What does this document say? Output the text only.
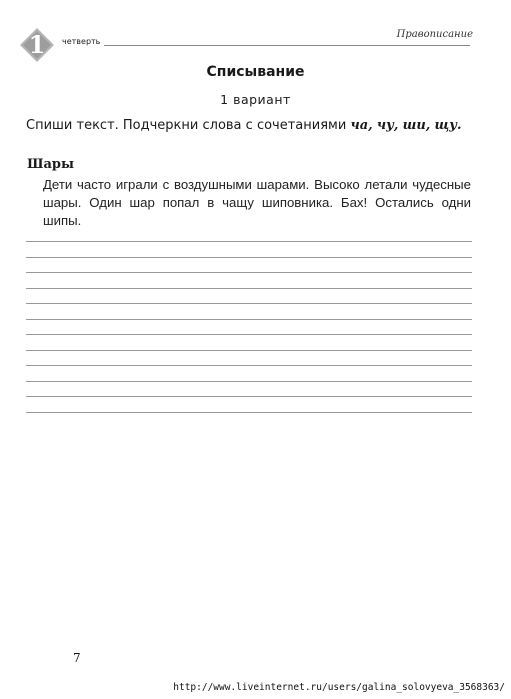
1	четверть
Правописание
Списывание
1 вариант
Спиши текст. Подчеркни слова с сочетаниями ча, чу, ши, щу.
Шары
Дети часто играли с воздушными шарами. Высоко летали чудесные шары. Один шар попал в чащу шиповника. Бах! Остались одни шипы.
7
http://www.liveinternet.ru/users/galina_solovyeva_3568363/
